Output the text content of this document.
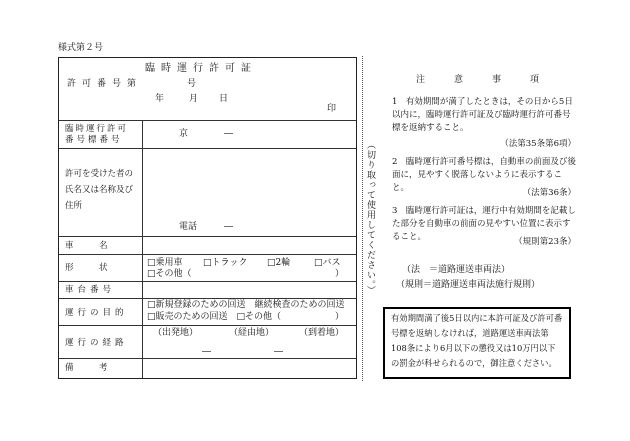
様式第２号
臨時運行許可証
許可番号第	号
年	月 日
印
臨時運行許可
番号標番号
京　　　　―
許可を受けた者の
氏名又は名称及び
住所
電話　　　―
車　　　名
形　　　状	□乗用車 □トラック □2輪	□バス
□その他（	）
車台番号
運行の目的
□新規登録のための回送　継続検査のための回送
□販売のための回送　□その他（	）
運行の経路
（出発地）	（経由地）	（到着地）
―	―
備　　　考
（切り取って使用してください。）
注　意　事　項
1　有効期間が満了したときは，その日から5日以内に，臨時運行許可証及び臨時運行許可番号標を返納すること。
（法第35条第6項）
2　臨時運行許可番号標は，自動車の前面及び後面に，見やすく脱落しないように表示すること。	（法第36条）
3　臨時運行許可証は，運行中有効期間を記載した部分を自動車の前面の見やすい位置に表示すること。	（規則第23条）
（法　＝道路運送車両法）
（規則＝道路運送車両法施行規則）
有効期間満了後5日以内に本許可証及び許可番号標を返納しなければ，道路運送車両法第108条により6月以下の懲役又は10万円以下の罰金が科せられるので，御注意ください。
